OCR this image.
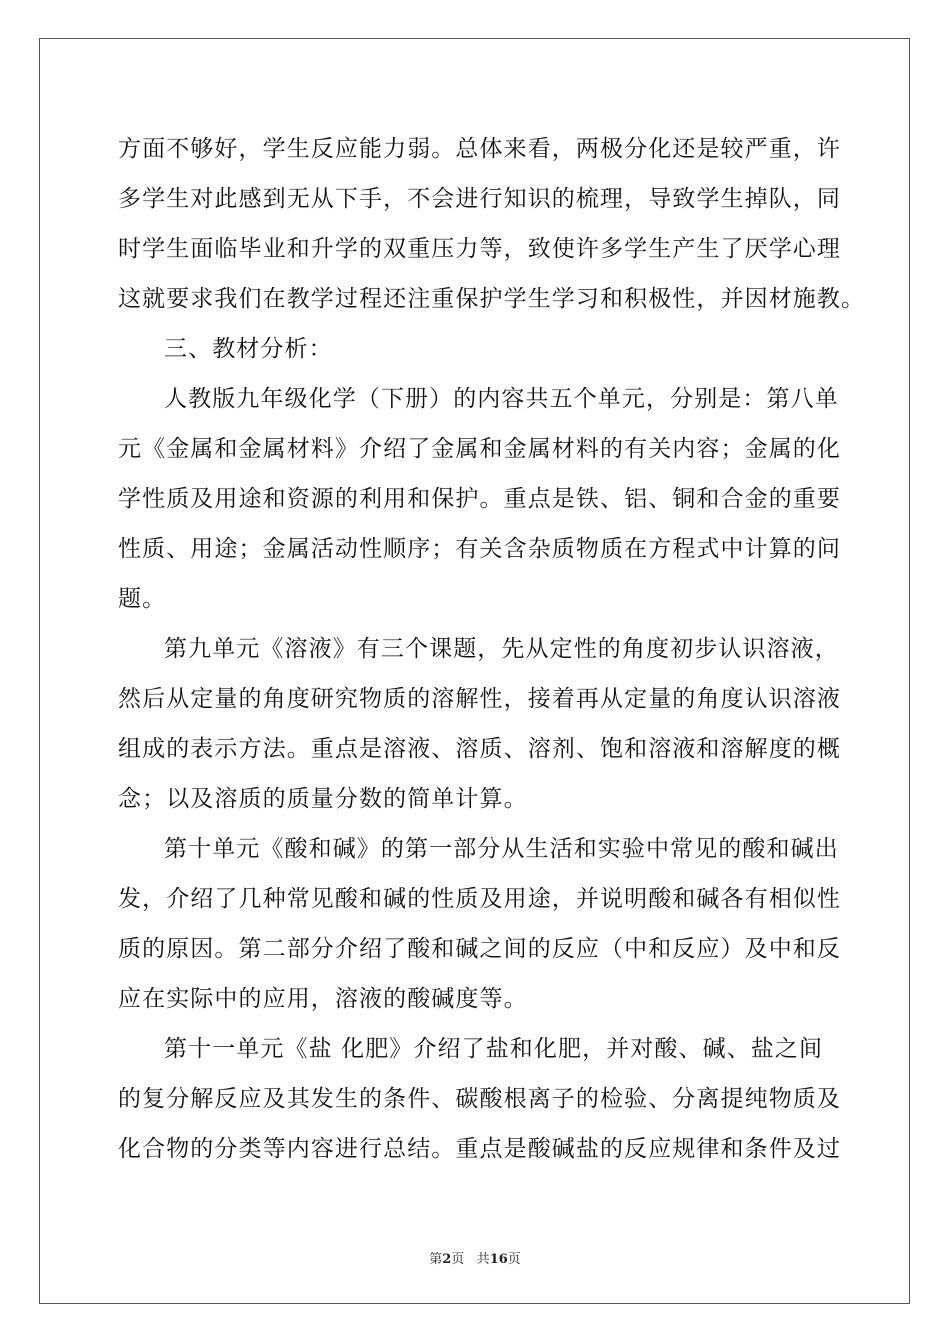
方面不够好，学生反应能力弱。总体来看，两极分化还是较严重，许
多学生对此感到无从下手，不会进行知识的梳理，导致学生掉队，同
时学生面临毕业和升学的双重压力等，致使许多学生产生了厌学心理
这就要求我们在教学过程还注重保护学生学习和积极性，并因材施教。
三、教材分析：
人教版九年级化学（下册）的内容共五个单元，分别是：第八单
元《金属和金属材料》介绍了金属和金属材料的有关内容；金属的化
学性质及用途和资源的利用和保护。重点是铁、铝、铜和合金的重要
性质、用途；金属活动性顺序；有关含杂质物质在方程式中计算的问
题。
第九单元《溶液》有三个课题，先从定性的角度初步认识溶液，
然后从定量的角度研究物质的溶解性，接着再从定量的角度认识溶液
组成的表示方法。重点是溶液、溶质、溶剂、饱和溶液和溶解度的概
念；以及溶质的质量分数的简单计算。
第十单元《酸和碱》的第一部分从生活和实验中常见的酸和碱出
发，介绍了几种常见酸和碱的性质及用途，并说明酸和碱各有相似性
质的原因。第二部分介绍了酸和碱之间的反应（中和反应）及中和反
应在实际中的应用，溶液的酸碱度等。
第十一单元《盐 化肥》介绍了盐和化肥，并对酸、碱、盐之间
的复分解反应及其发生的条件、碳酸根离子的检验、分离提纯物质及
化合物的分类等内容进行总结。重点是酸碱盐的反应规律和条件及过
第2页 共16页
